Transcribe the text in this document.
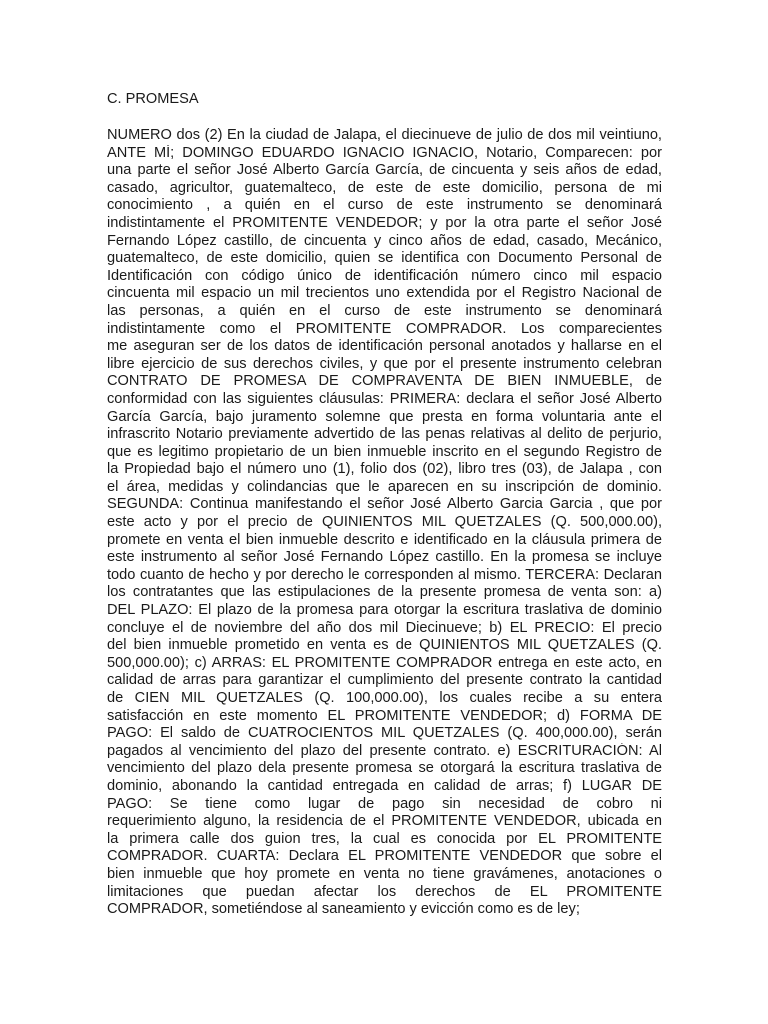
C. PROMESA
NUMERO dos (2) En la ciudad de Jalapa, el diecinueve de julio de dos mil veintiuno,
ANTE MÍ; DOMINGO EDUARDO IGNACIO IGNACIO, Notario, Comparecen: por
una parte el señor José Alberto García García, de cincuenta y seis años de edad,
casado, agricultor, guatemalteco, de este de este domicilio, persona de mi
conocimiento , a quién en el curso de este instrumento se denominará
indistintamente el PROMITENTE VENDEDOR; y por la otra parte el señor José
Fernando López castillo, de cincuenta y cinco años de edad, casado, Mecánico,
guatemalteco, de este domicilio, quien se identifica con Documento Personal de
Identificación con código único de identificación número cinco mil espacio
cincuenta mil espacio un mil trecientos uno extendida por el Registro Nacional de
las personas, a quién en el curso de este instrumento se denominará
indistintamente como el PROMITENTE COMPRADOR. Los comparecientes
me aseguran ser de los datos de identificación personal anotados y hallarse en el
libre ejercicio de sus derechos civiles, y que por el presente instrumento celebran
CONTRATO DE PROMESA DE COMPRAVENTA DE BIEN INMUEBLE, de
conformidad con las siguientes cláusulas: PRIMERA: declara el señor José Alberto
García García, bajo juramento solemne que presta en forma voluntaria ante el
infrascrito Notario previamente advertido de las penas relativas al delito de perjurio,
que es legitimo propietario de un bien inmueble inscrito en el segundo Registro de
la Propiedad bajo el número uno (1), folio dos (02), libro tres (03), de Jalapa , con
el área, medidas y colindancias que le aparecen en su inscripción de dominio.
SEGUNDA: Continua manifestando el señor José Alberto Garcia Garcia , que por
este acto y por el precio de QUINIENTOS MIL QUETZALES (Q. 500,000.00),
promete en venta el bien inmueble descrito e identificado en la cláusula primera de
este instrumento al señor José Fernando López castillo. En la promesa se incluye
todo cuanto de hecho y por derecho le corresponden al mismo. TERCERA: Declaran
los contratantes que las estipulaciones de la presente promesa de venta son: a)
DEL PLAZO: El plazo de la promesa para otorgar la escritura traslativa de dominio
concluye el de noviembre del año dos mil Diecinueve; b) EL PRECIO: El precio
del bien inmueble prometido en venta es de QUINIENTOS MIL QUETZALES (Q.
500,000.00); c) ARRAS: EL PROMITENTE COMPRADOR entrega en este acto, en
calidad de arras para garantizar el cumplimiento del presente contrato la cantidad
de CIEN MIL QUETZALES (Q. 100,000.00), los cuales recibe a su entera
satisfacción en este momento EL PROMITENTE VENDEDOR; d) FORMA DE
PAGO: El saldo de CUATROCIENTOS MIL QUETZALES (Q. 400,000.00), serán
pagados al vencimiento del plazo del presente contrato. e) ESCRITURACIÓN: Al
vencimiento del plazo dela presente promesa se otorgará la escritura traslativa de
dominio, abonando la cantidad entregada en calidad de arras; f) LUGAR DE
PAGO: Se tiene como lugar de pago sin necesidad de cobro ni
requerimiento alguno, la residencia de el PROMITENTE VENDEDOR, ubicada en
la primera calle dos guion tres, la cual es conocida por EL PROMITENTE
COMPRADOR. CUARTA: Declara EL PROMITENTE VENDEDOR que sobre el
bien inmueble que hoy promete en venta no tiene gravámenes, anotaciones o
limitaciones que puedan afectar los derechos de EL PROMITENTE
COMPRADOR, sometiéndose al saneamiento y evicción como es de ley;
